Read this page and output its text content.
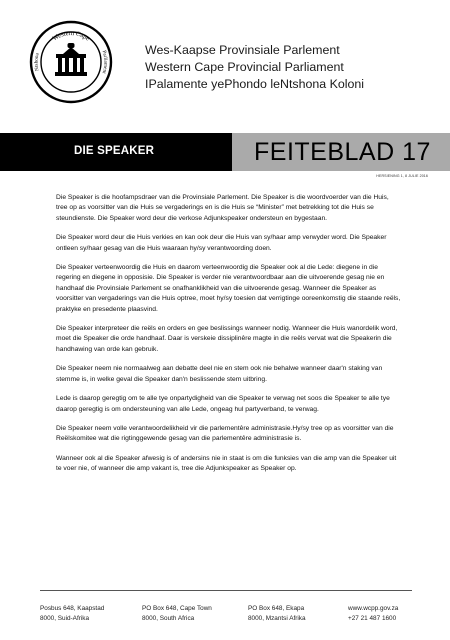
Western Cape
Parliament
Ntshona	Wes-Kaapse Provinsiale Parlement
Western Cape Provincial Parliament
IPalamente yePhondo leNtshona Koloni
DIE SPEAKER	FEITEBLAD 17
HERSIENING 1, 8 JULIE 2016

Die Speaker is die hoofampsdraer van die Provinsiale Parlement. Die Speaker is die woordvoerder van die Huis, tree op as voorsitter van die Huis se vergaderings en is die Huis se “Minister” met betrekking tot die Huis se steundienste. Die Speaker word deur die verkose Adjunkspeaker ondersteun en bygestaan.

Die Speaker word deur die Huis verkies en kan ook deur die Huis van sy/haar amp verwyder word. Die Speaker ontleen sy/haar gesag van die Huis waaraan hy/sy verantwoording doen.

Die Speaker verteenwoordig die Huis en daarom verteenwoordig die Speaker ook al die Lede: diegene in die regering en diegene in opposisie. Die Speaker is verder nie verantwoordbaar aan die uitvoerende gesag nie en handhaaf die Provinsiale Parlement se onafhanklikheid van die uitvoerende gesag. Wanneer die Speaker as voorsitter van vergaderings van die Huis optree, moet hy/sy toesien dat verrigtinge ooreenkomstig die staande reëls, praktyke en presedente plaasvind.

Die Speaker interpreteer die reëls en orders en gee beslissings wanneer nodig. Wanneer die Huis wanordelik word, moet die Speaker die orde handhaaf. Daar is verskeie dissiplinêre magte in die reëls vervat wat die Speakerin die handhawing van orde kan gebruik.

Die Speaker neem nie normaalweg aan debatte deel nie en stem ook nie behalwe wanneer daar'n staking van stemme is, in welke geval die Speaker dan'n beslissende stem uitbring.

Lede is daarop geregtig om te alle tye onpartydigheid van die Speaker te verwag net soos die Speaker te alle tye daarop geregtig is om ondersteuning van alle Lede, ongeag hul partyverband, te verwag.

Die Speaker neem volle verantwoordelikheid vir die parlementêre administrasie.Hy/sy tree op as voorsitter van die Reëlskomitee wat die rigtinggewende gesag van die parlementêre administrasie is.

Wanneer ook al die Speaker afwesig is of andersins nie in staat is om die funksies van die amp van die Speaker uit te voer nie, of wanneer die amp vakant is, tree die Adjunkspeaker as Speaker op.

Posbus 648, Kaapstad
8000, Suid-Afrika
PO Box 648, Cape Town
8000, South Africa
PO Box 648, Ekapa
8000, Mzantsi Afrika
www.wcpp.gov.za
+27 21 487 1600
